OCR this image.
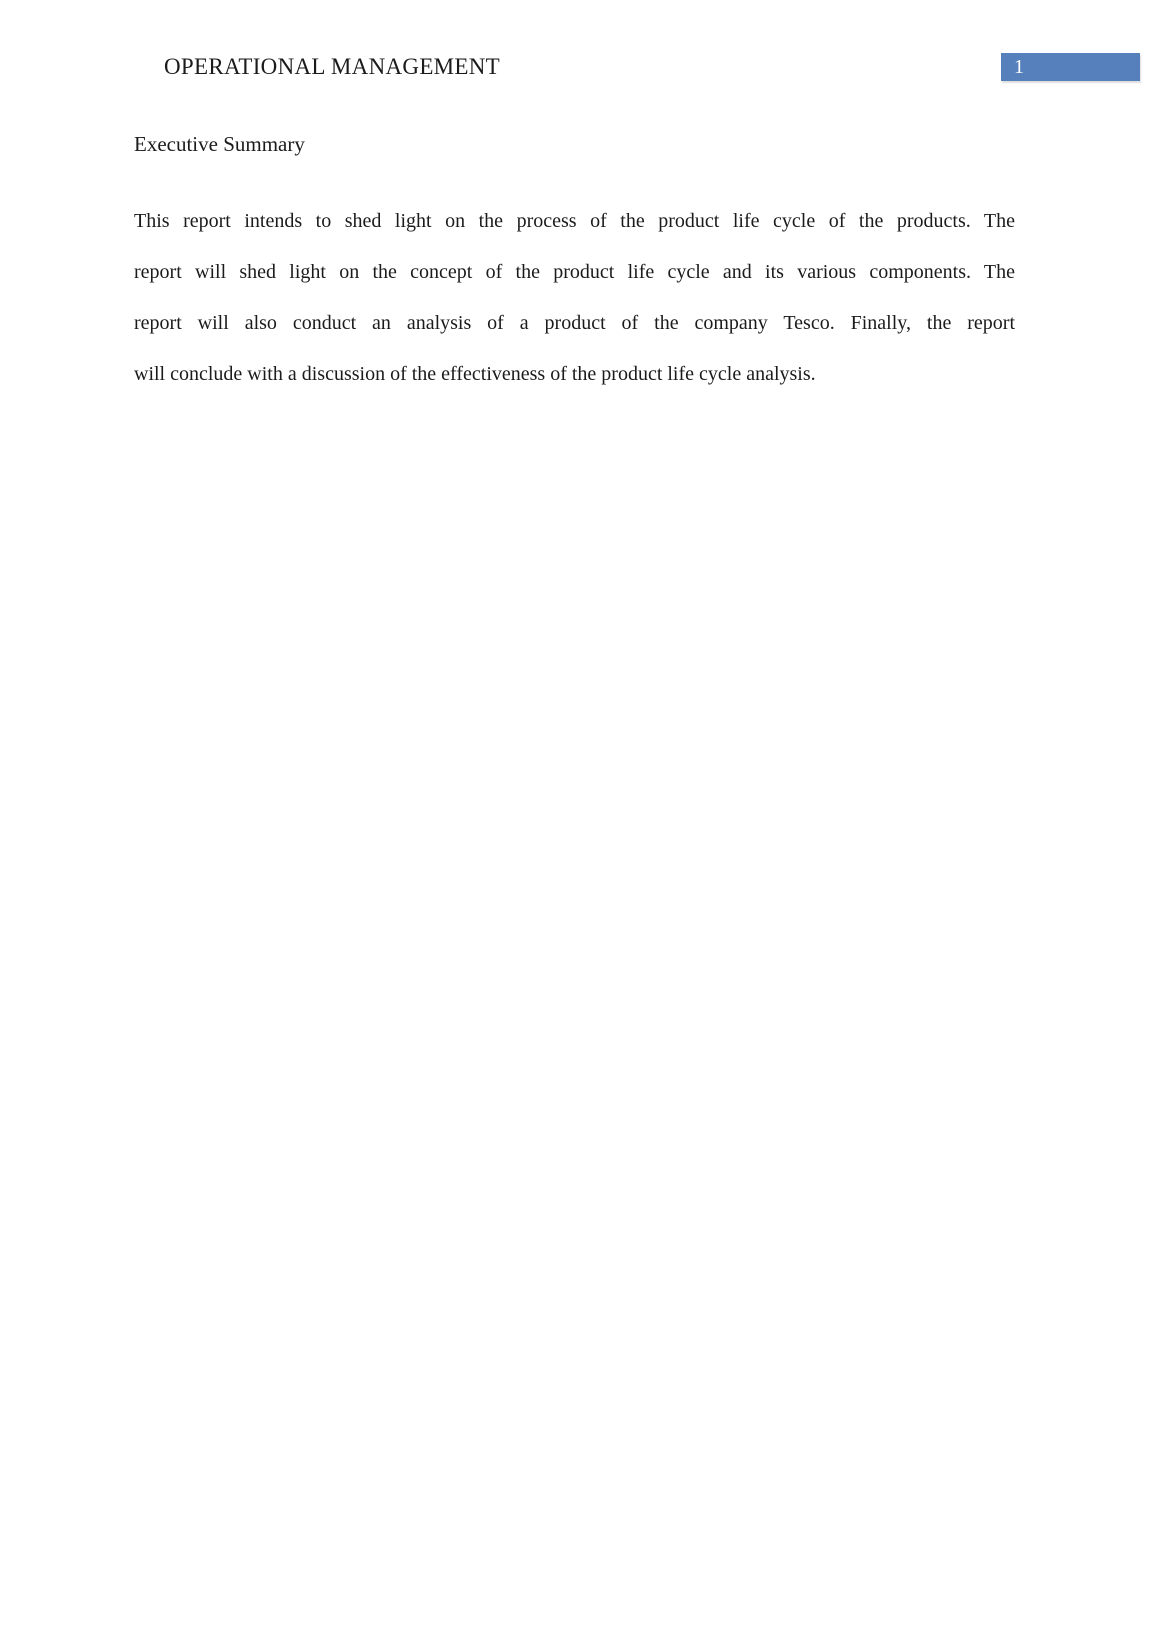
OPERATIONAL MANAGEMENT	1
Executive Summary
This report intends to shed light on the process of the product life cycle of the products. The
report will shed light on the concept of the product life cycle and its various components. The
report will also conduct an analysis of a product of the company Tesco. Finally, the report
will conclude with a discussion of the effectiveness of the product life cycle analysis.
